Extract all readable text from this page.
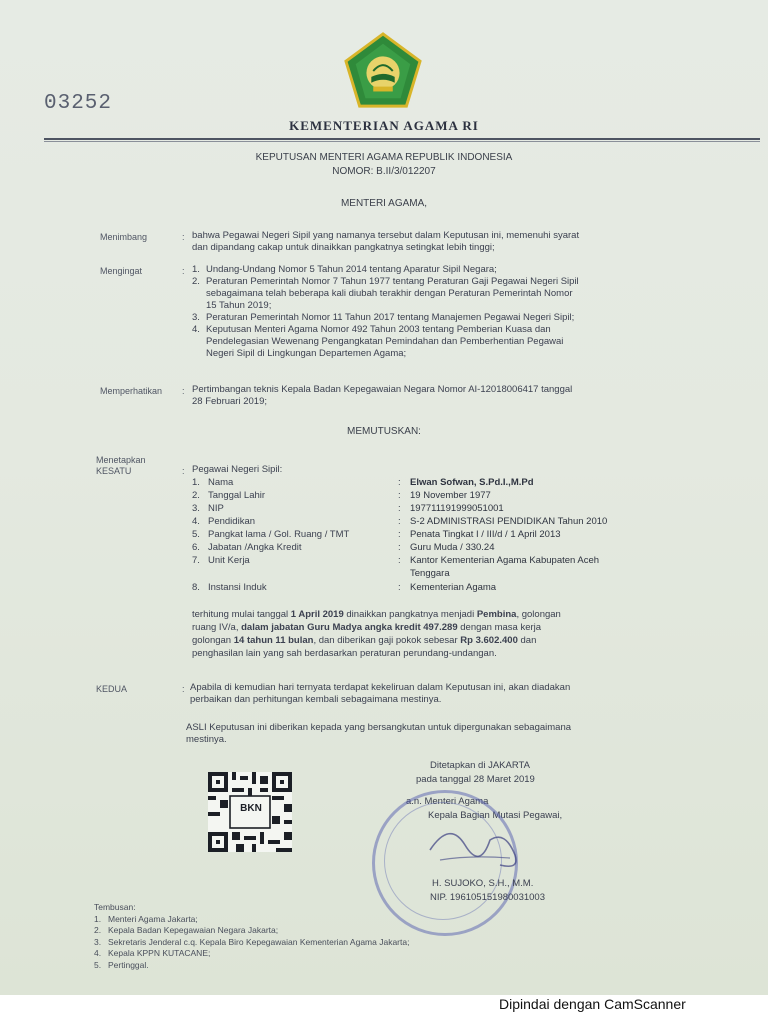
03252
KEMENTERIAN AGAMA RI
KEPUTUSAN MENTERI AGAMA REPUBLIK INDONESIA
NOMOR: B.II/3/012207
MENTERI AGAMA,
Menimbang	: bahwa Pegawai Negeri Sipil yang namanya tersebut dalam Keputusan ini, memenuhi syarat
dan dipandang cakap untuk dinaikkan pangkatnya setingkat lebih tinggi;
Mengingat	: 1. Undang-Undang Nomor 5 Tahun 2014 tentang Aparatur Sipil Negara;
2. Peraturan Pemerintah Nomor 7 Tahun 1977 tentang Peraturan Gaji Pegawai Negeri Sipil
sebagaimana telah beberapa kali diubah terakhir dengan Peraturan Pemerintah Nomor
15 Tahun 2019;
3. Peraturan Pemerintah Nomor 11 Tahun 2017 tentang Manajemen Pegawai Negeri Sipil;
4. Keputusan Menteri Agama Nomor 492 Tahun 2003 tentang Pemberian Kuasa dan
Pendelegasian Wewenang Pengangkatan Pemindahan dan Pemberhentian Pegawai
Negeri Sipil di Lingkungan Departemen Agama;
Memperhatikan : Pertimbangan teknis Kepala Badan Kepegawaian Negara Nomor AI-12018006417 tanggal
28 Februari 2019;
MEMUTUSKAN:
Menetapkan
KESATU	: Pegawai Negeri Sipil:
1. Nama	: Elwan Sofwan, S.Pd.I.,M.Pd
2. Tanggal Lahir	: 19 November 1977
3. NIP	: 197711191999051001
4. Pendidikan	: S-2 ADMINISTRASI PENDIDIKAN Tahun 2010
5. Pangkat lama / Gol. Ruang / TMT	: Penata Tingkat I / III/d / 1 April 2013
6. Jabatan /Angka Kredit	: Guru Muda / 330.24
7. Unit Kerja	: Kantor Kementerian Agama Kabupaten Aceh
Tenggara
8. Instansi Induk	: Kementerian Agama
terhitung mulai tanggal 1 April 2019 dinaikkan pangkatnya menjadi Pembina, golongan
ruang IV/a, dalam jabatan Guru Madya angka kredit 497.289 dengan masa kerja
golongan 14 tahun 11 bulan, dan diberikan gaji pokok sebesar Rp 3.602.400 dan
penghasilan lain yang sah berdasarkan peraturan perundang-undangan.
KEDUA	: Apabila di kemudian hari ternyata terdapat kekeliruan dalam Keputusan ini, akan diadakan
perbaikan dan perhitungan kembali sebagaimana mestinya.
ASLI Keputusan ini diberikan kepada yang bersangkutan untuk dipergunakan sebagaimana
mestinya.
BKN
Ditetapkan di JAKARTA
pada tanggal 28 Maret 2019
a.n. Menteri Agama
Kepala Bagian Mutasi Pegawai,
H. SUJOKO, S.H., M.M.
NIP. 196105151980031003
Tembusan:
1. Menteri Agama Jakarta;
2. Kepala Badan Kepegawaian Negara Jakarta;
3. Sekretaris Jenderal c.q. Kepala Biro Kepegawaian Kementerian Agama Jakarta;
4. Kepala KPPN KUTACANE;
5. Pertinggal.
Dipindai dengan CamScanner
